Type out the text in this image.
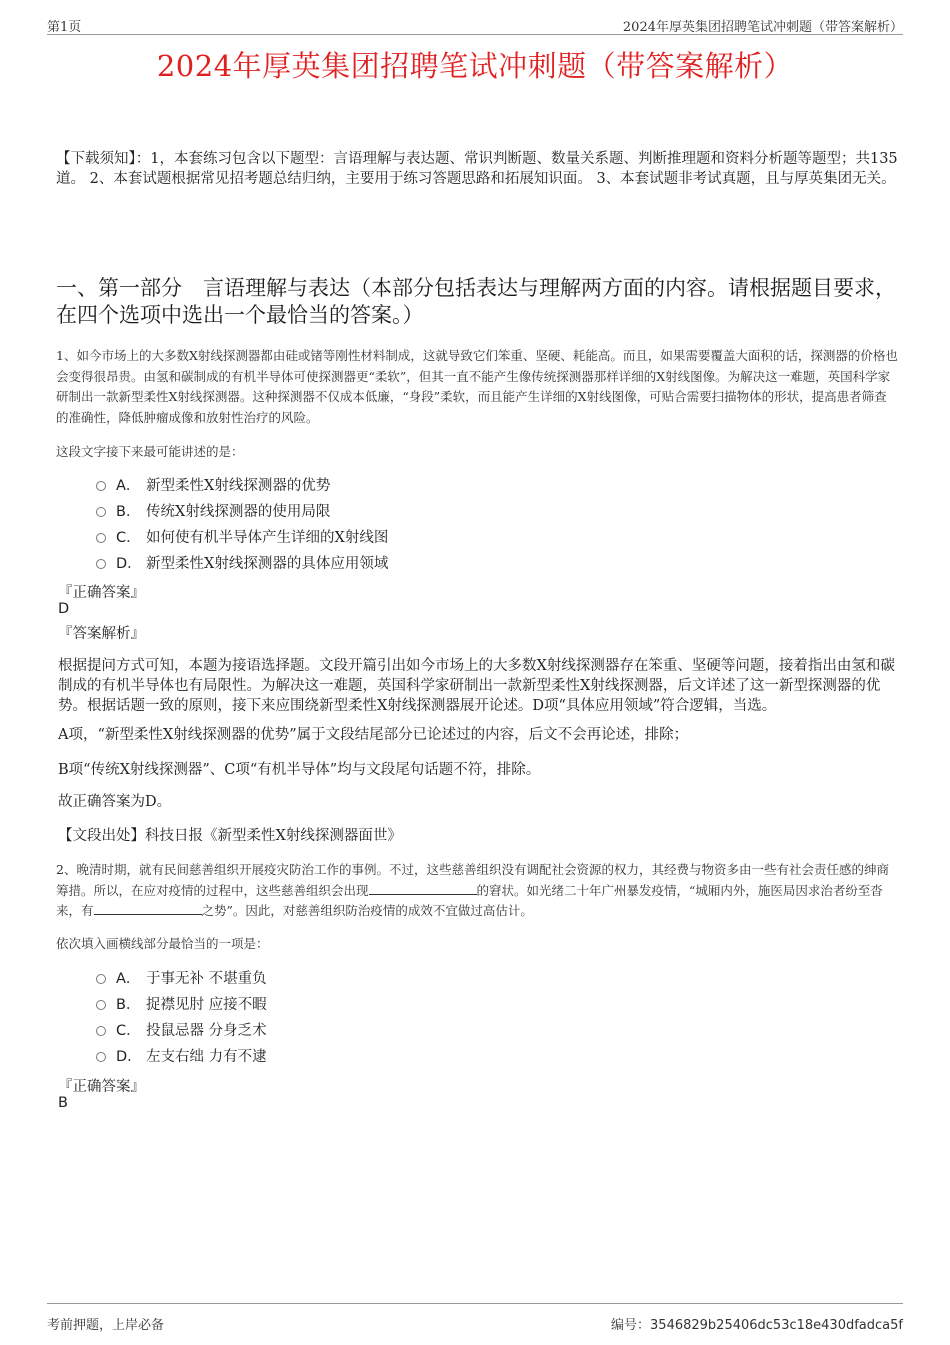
第1页	2024年厚英集团招聘笔试冲刺题（带答案解析）
2024年厚英集团招聘笔试冲刺题（带答案解析）
【下载须知】：1，本套练习包含以下题型：言语理解与表达题、常识判断题、数量关系题、判断推理题和资料分析题等题型；共135道。 2、本套试题根据常见招考题总结归纳，主要用于练习答题思路和拓展知识面。 3、本套试题非考试真题，且与厚英集团无关。
一、第一部分　言语理解与表达（本部分包括表达与理解两方面的内容。请根据题目要求，在四个选项中选出一个最恰当的答案。）
1、如今市场上的大多数X射线探测器都由硅或锗等刚性材料制成，这就导致它们笨重、坚硬、耗能高。而且，如果需要覆盖大面积的话，探测器的价格也会变得很昂贵。由氢和碳制成的有机半导体可使探测器更“柔软”，但其一直不能产生像传统探测器那样详细的X射线图像。为解决这一难题，英国科学家研制出一款新型柔性X射线探测器。这种探测器不仅成本低廉，“身段”柔软，而且能产生详细的X射线图像，可贴合需要扫描物体的形状，提高患者筛查的准确性，降低肿瘤成像和放射性治疗的风险。
这段文字接下来最可能讲述的是：
A． 新型柔性X射线探测器的优势
B． 传统X射线探测器的使用局限
C． 如何使有机半导体产生详细的X射线图
D． 新型柔性X射线探测器的具体应用领域
『正确答案』
D
『答案解析』
根据提问方式可知，本题为接语选择题。文段开篇引出如今市场上的大多数X射线探测器存在笨重、坚硬等问题，接着指出由氢和碳制成的有机半导体也有局限性。为解决这一难题，英国科学家研制出一款新型柔性X射线探测器，后文详述了这一新型探测器的优势。根据话题一致的原则，接下来应围绕新型柔性X射线探测器展开论述。D项“具体应用领域”符合逻辑，当选。
A项，“新型柔性X射线探测器的优势”属于文段结尾部分已论述过的内容，后文不会再论述，排除；
B项“传统X射线探测器”、C项“有机半导体”均与文段尾句话题不符，排除。
故正确答案为D。
【文段出处】科技日报《新型柔性X射线探测器面世》
2、晚清时期，就有民间慈善组织开展疫灾防治工作的事例。不过，这些慈善组织没有调配社会资源的权力，其经费与物资多由一些有社会责任感的绅商筹措。所以，在应对疫情的过程中，这些慈善组织会出现	的窘状。如光绪二十年广州暴发疫情，“城厢内外，施医局因求治者纷至沓来，有	之势”。因此，对慈善组织防治疫情的成效不宜做过高估计。
依次填入画横线部分最恰当的一项是：
A． 于事无补 不堪重负
B． 捉襟见肘 应接不暇
C． 投鼠忌器 分身乏术
D． 左支右绌 力有不逮
『正确答案』
B
考前押题，上岸必备	编号：3546829b25406dc53c18e430dfadca5f
